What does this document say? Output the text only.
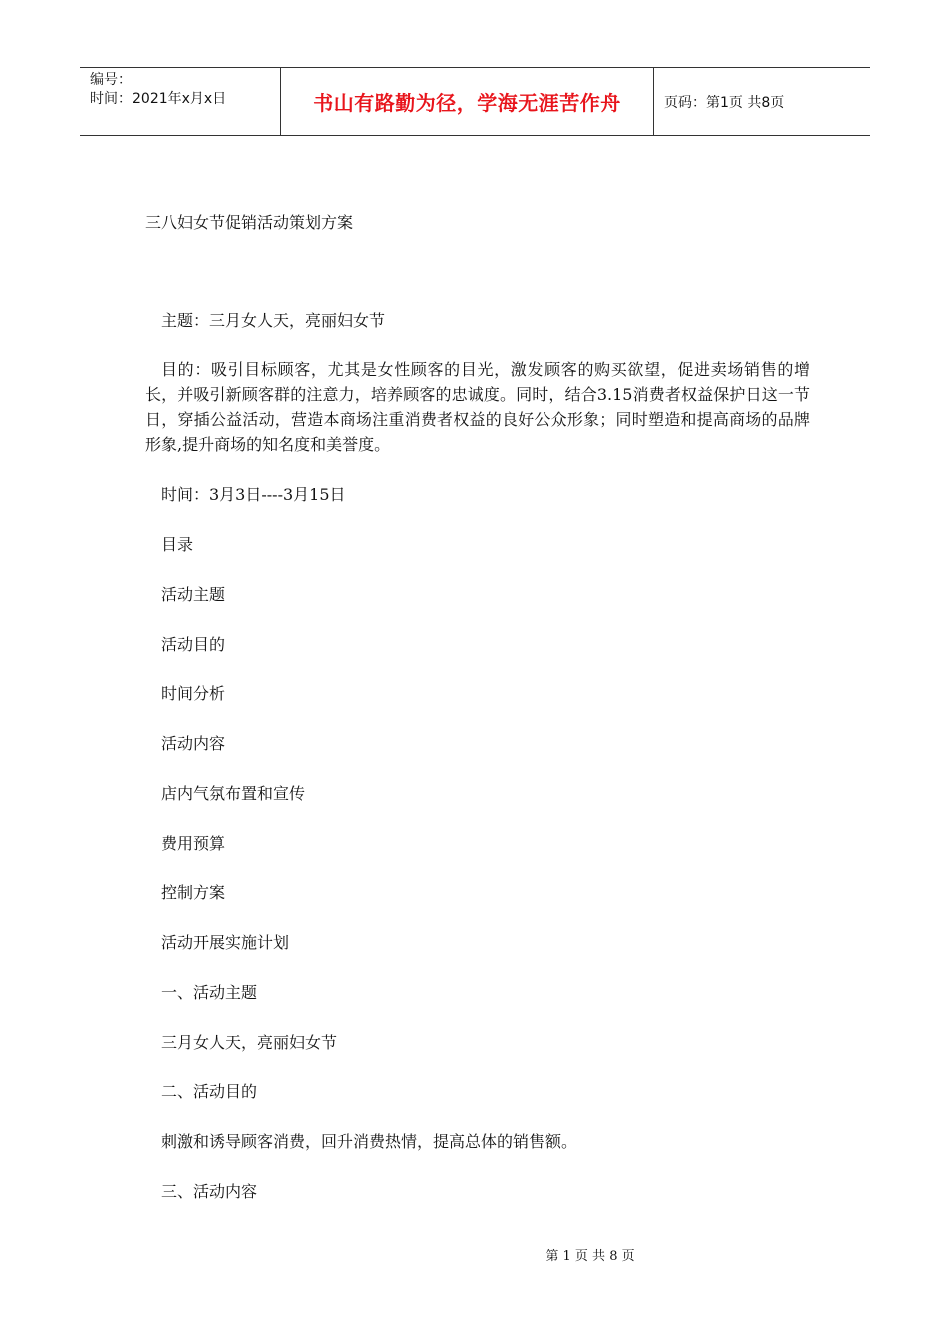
编号：
时间：2021年x月x日	书山有路勤为径，学海无涯苦作舟	页码：第1页 共8页
三八妇女节促销活动策划方案
主题：三月女人天，亮丽妇女节
目的：吸引目标顾客，尤其是女性顾客的目光，激发顾客的购买欲望，促进卖场销售的增长，并吸引新顾客群的注意力，培养顾客的忠诚度。同时，结合3.15消费者权益保护日这一节日，穿插公益活动，营造本商场注重消费者权益的良好公众形象；同时塑造和提高商场的品牌形象,提升商场的知名度和美誉度。
时间：3月3日----3月15日
目录
活动主题
活动目的
时间分析
活动内容
店内气氛布置和宣传
费用预算
控制方案
活动开展实施计划
一、活动主题
三月女人天，亮丽妇女节
二、活动目的
刺激和诱导顾客消费，回升消费热情，提高总体的销售额。
三、活动内容
第 1 页 共 8 页
